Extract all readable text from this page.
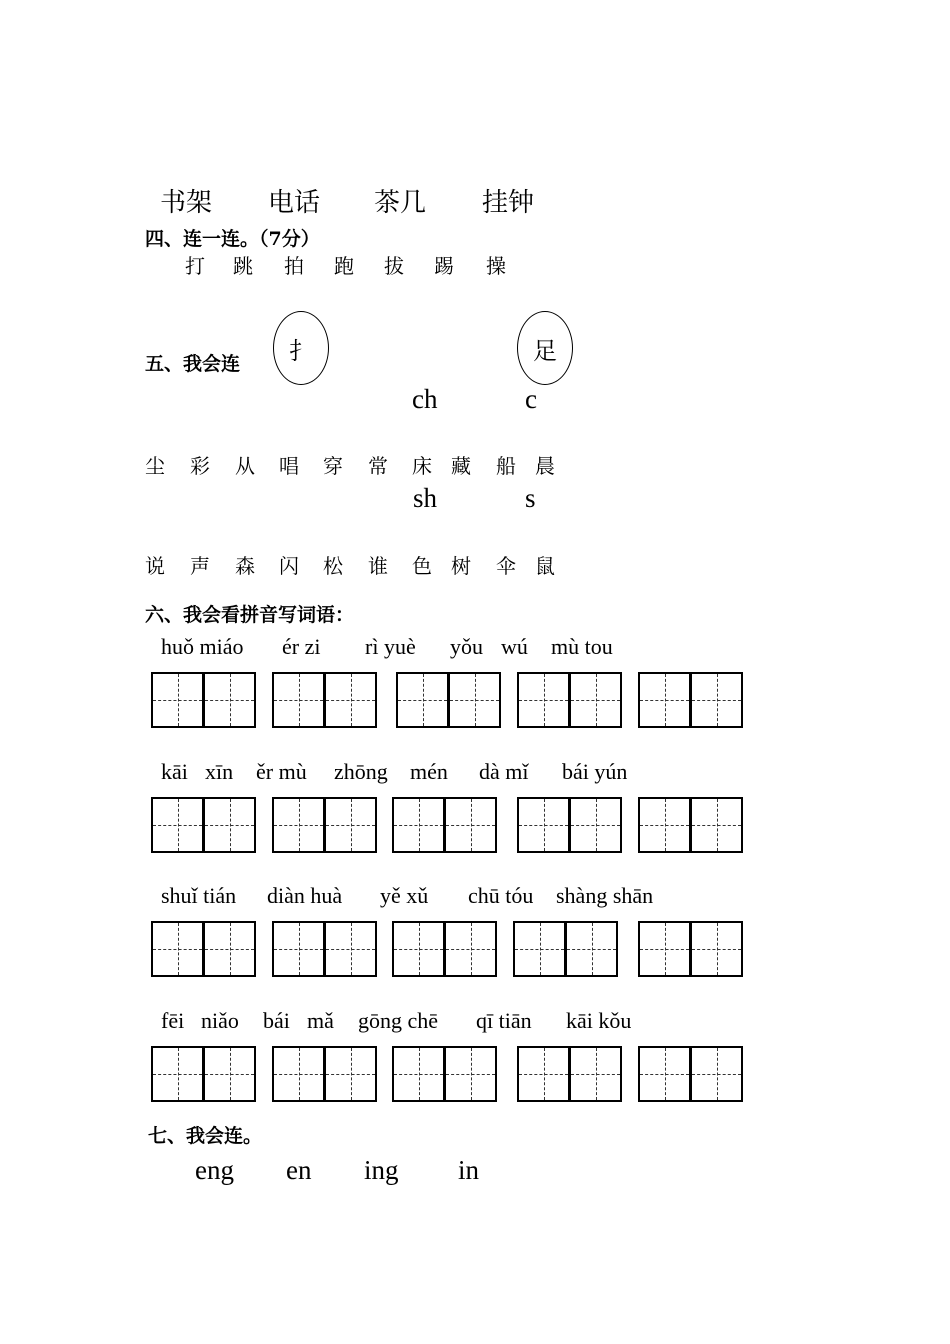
书架 电话 茶几 挂钟
四、连一连。（7分）
打 跳 拍 跑 拔 踢 操
五、我会连 扌	足
ch	c
尘 彩 从 唱 穿 常 床 藏 船 晨
sh	s
说 声 森 闪 松 谁 色 树 伞 鼠
六、我会看拼音写词语：
huǒ miáo ér zi rì yuè yǒu wú mù tou
kāi xīn ěr mù zhōng mén dà mǐ bái yún
shuǐ tián diàn huà yě xǔ chū tóu shàng shān
fēi niǎo bái mǎ gōng chē qī tiān kāi kǒu
七、我会连。
eng en ing in
